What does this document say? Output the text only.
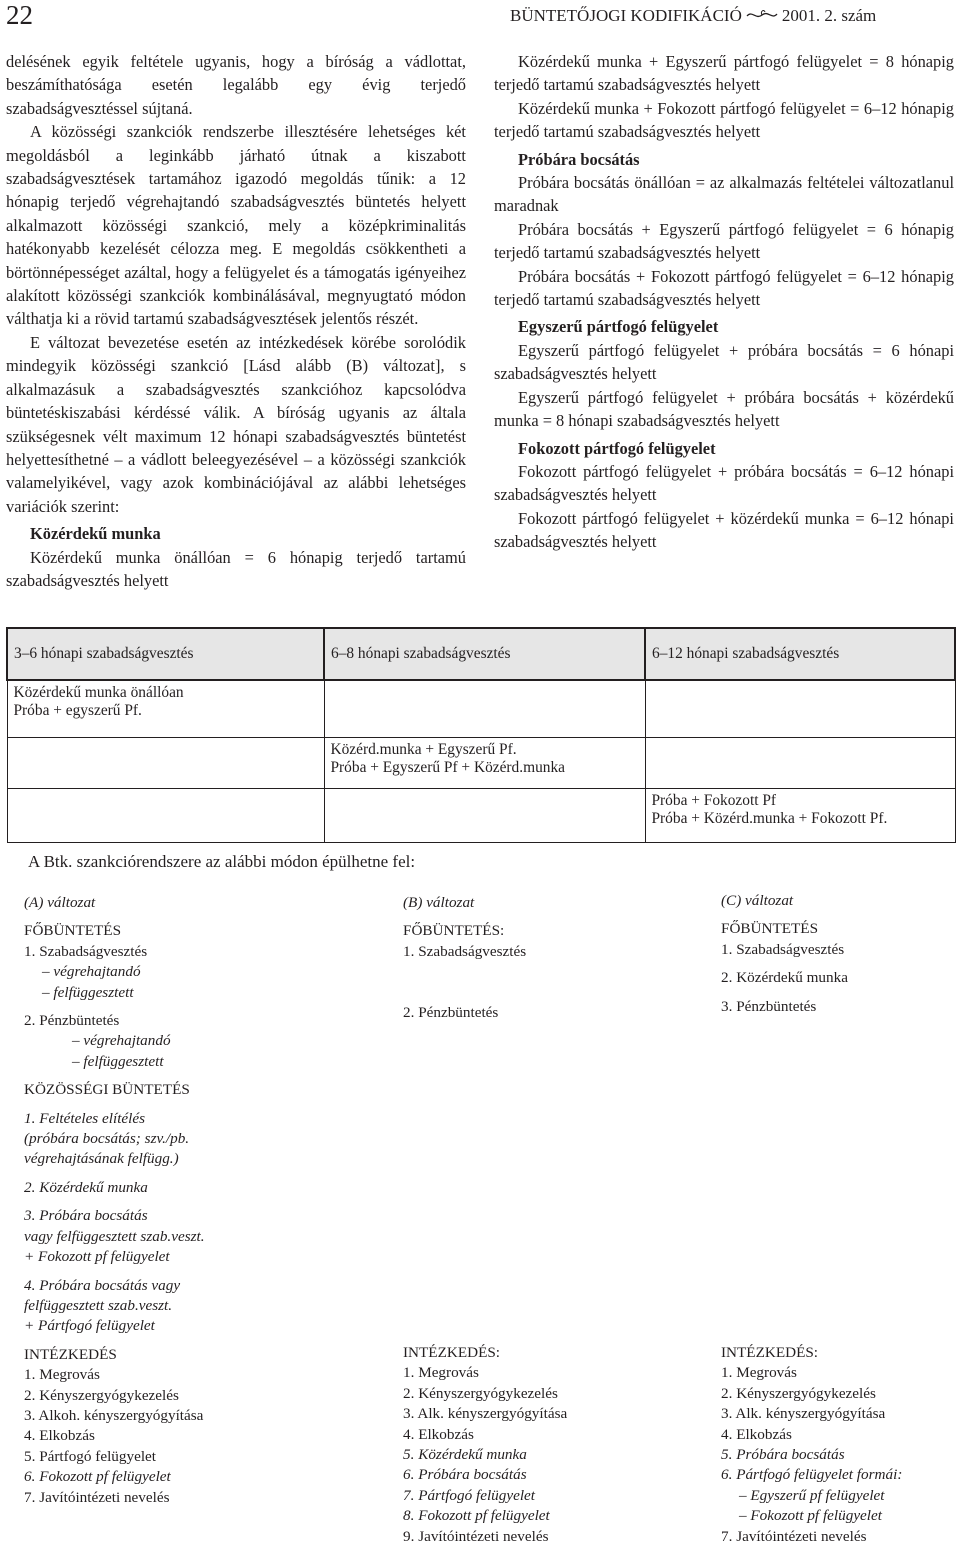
22	BÜNTETŐJOGI KODIFIKÁCIÓ 2001. 2. szám

delésének egyik feltétele ugyanis, hogy a bíróság a vádlottat, beszámíthatósága esetén legalább egy évig terjedő szabadságvesztéssel sújtaná.

A közösségi szankciók rendszerbe illesztésére lehetséges két megoldásból a leginkább járható útnak a kiszabott szabadságvesztések tartamához igazodó megoldás tűnik: a 12 hónapig terjedő végrehajtandó szabadságvesztés büntetés helyett alkalmazott közösségi szankció, mely a középkriminalitás hatékonyabb kezelését célozza meg. E megoldás csökkentheti a börtönnépességet azáltal, hogy a felügyelet és a támogatás igényeihez alakított közösségi szankciók kombinálásával, megnyugtató módon válthatja ki a rövid tartamú szabadságvesztések jelentős részét.

E változat bevezetése esetén az intézkedések körébe sorolódik mindegyik közösségi szankció [Lásd alább (B) változat], s alkalmazásuk a szabadságvesztés szankcióhoz kapcsolódva büntetéskiszabási kérdéssé válik. A bíróság ugyanis az általa szükségesnek vélt maximum 12 hónapi szabadságvesztés büntetést helyettesíthetné – a vádlott beleegyezésével – a közösségi szankciók valamelyikével, vagy azok kombinációjával az alábbi lehetséges variációk szerint:

Közérdekű munka

Közérdekű munka önállóan = 6 hónapig terjedő tartamú szabadságvesztés helyett

Közérdekű munka + Egyszerű pártfogó felügyelet = 8 hónapig terjedő tartamú szabadságvesztés helyett

Közérdekű munka + Fokozott pártfogó felügyelet = 6–12 hónapig terjedő tartamú szabadságvesztés helyett

Próbára bocsátás

Próbára bocsátás önállóan = az alkalmazás feltételei változatlanul maradnak

Próbára bocsátás + Egyszerű pártfogó felügyelet = 6 hónapig terjedő tartamú szabadságvesztés helyett

Próbára bocsátás + Fokozott pártfogó felügyelet = 6–12 hónapig terjedő tartamú szabadságvesztés helyett

Egyszerű pártfogó felügyelet

Egyszerű pártfogó felügyelet + próbára bocsátás = 6 hónapi szabadságvesztés helyett

Egyszerű pártfogó felügyelet + próbára bocsátás + közérdekű munka = 8 hónapi szabadságvesztés helyett

Fokozott pártfogó felügyelet

Fokozott pártfogó felügyelet + próbára bocsátás = 6–12 hónapi szabadságvesztés helyett

Fokozott pártfogó felügyelet + közérdekű munka = 6–12 hónapi szabadságvesztés helyett

3–6 hónapi szabadságvesztés	6–8 hónapi szabadságvesztés	6–12 hónapi szabadságvesztés

Közérdekű munka önállóan
Próba + egyszerű Pf.		

	Közérd.munka + Egyszerű Pf.
Próba + Egyszerű Pf + Közérd.munka	

		Próba + Fokozott Pf
Próba + Közérd.munka + Fokozott Pf.
A Btk. szankciórendszere az alábbi módon épülhetne fel:
(A) változat
FŐBÜNTETÉS
1. Szabadságvesztés
– végrehajtandó
– felfüggesztett
2. Pénzbüntetés
– végrehajtandó
– felfüggesztett
KÖZÖSSÉGI BÜNTETÉS
1. Feltételes elítélés
(próbára bocsátás; szv./pb.
végrehajtásának felfügg.)
2. Közérdekű munka
3. Próbára bocsátás
vagy felfüggesztett szab.veszt.
+ Fokozott pf felügyelet
4. Próbára bocsátás vagy
felfüggesztett szab.veszt.
+ Pártfogó felügyelet
INTÉZKEDÉS
1. Megrovás
2. Kényszergyógykezelés
3. Alkoh. kényszergyógyítása
4. Elkobzás
5. Pártfogó felügyelet
6. Fokozott pf felügyelet
7. Javítóintézeti nevelés
(B) változat
FŐBÜNTETÉS:
1. Szabadságvesztés
2. Pénzbüntetés
INTÉZKEDÉS:
1. Megrovás
2. Kényszergyógykezelés
3. Alk. kényszergyógyítása
4. Elkobzás
5. Közérdekű munka
6. Próbára bocsátás
7. Pártfogó felügyelet
8. Fokozott pf felügyelet
9. Javítóintézeti nevelés
(C) változat
FŐBÜNTETÉS
1. Szabadságvesztés
2. Közérdekű munka
3. Pénzbüntetés
INTÉZKEDÉS:
1. Megrovás
2. Kényszergyógykezelés
3. Alk. kényszergyógyítása
4. Elkobzás
5. Próbára bocsátás
6. Pártfogó felügyelet formái:
– Egyszerű pf felügyelet
– Fokozott pf felügyelet
7. Javítóintézeti nevelés
